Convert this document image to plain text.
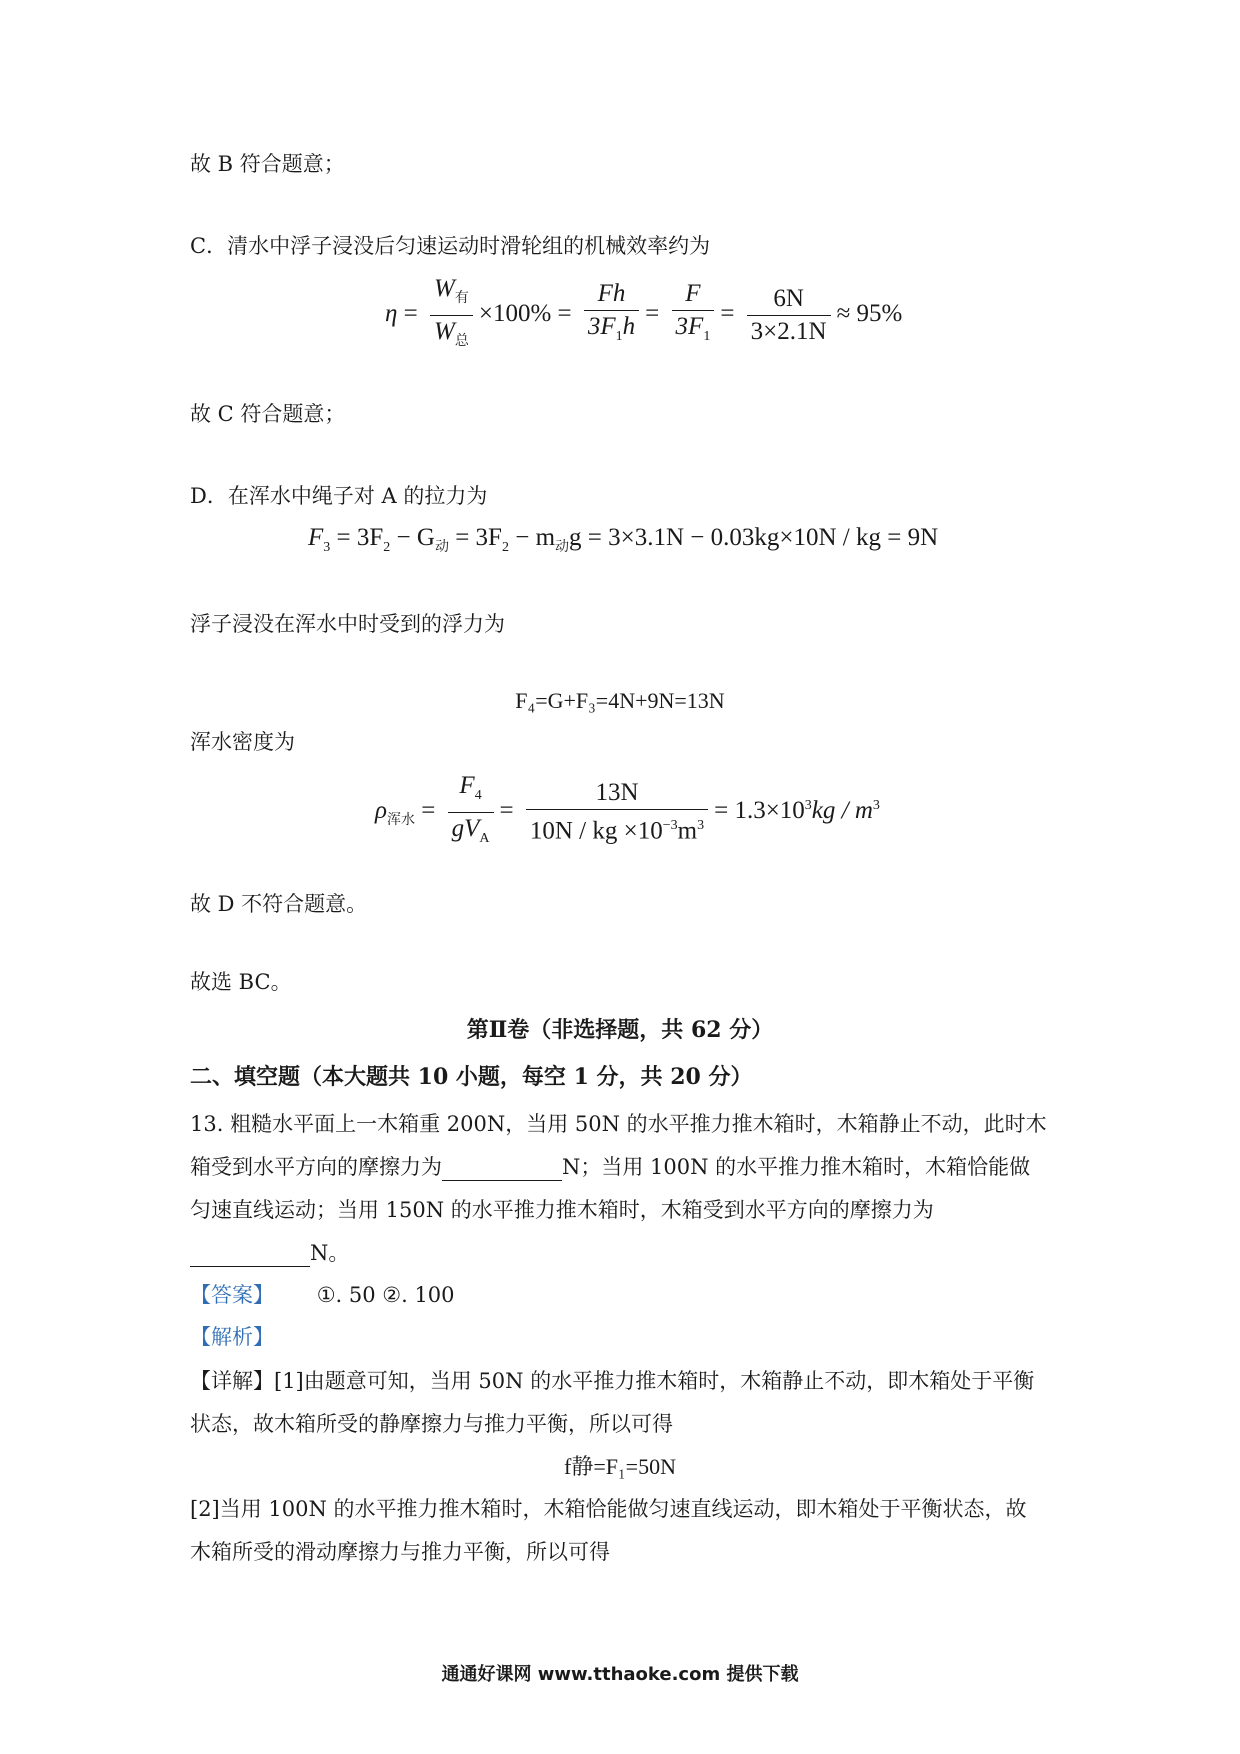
故 B 符合题意；
C．清水中浮子浸没后匀速运动时滑轮组的机械效率约为
$\eta = \frac{W_有}{W_总} \times 100\% = \frac{Fh}{3F_1h} = \frac{F}{3F_1} = \frac{6N}{3\times 2.1N} \approx 95\%$
故 C 符合题意；
D．在浑水中绳子对 A 的拉力为
$F_3 = 3F_2 - G_动 = 3F_2 - m_动g = 3\times 3.1N - 0.03kg\times 10N$ / kg = 9N
浮子浸没在浑水中时受到的浮力为
F₄=G+F₃=4N+9N=13N
浑水密度为
$\rho_{浑水} = \frac{F_4}{gV_A} = \frac{13N}{10N / kg \times 10^{-3}m^3} = 1.3\times 10^3kg / m^3$
故 D 不符合题意。
故选 BC。
第Ⅱ卷（非选择题，共 62 分）
二、填空题（本大题共 10 小题，每空 1 分，共 20 分）
13. 粗糙水平面上一木箱重 200N，当用 50N 的水平推力推木箱时，木箱静止不动，此时木
箱受到水平方向的摩擦力为	N；当用 100N 的水平推力推木箱时，木箱恰能做
匀速直线运动；当用 150N 的水平推力推木箱时，木箱受到水平方向的摩擦力为
N。
【答案】 ①. 50 ②. 100
【解析】
【详解】[1]由题意可知，当用 50N 的水平推力推木箱时，木箱静止不动，即木箱处于平衡
状态，故木箱所受的静摩擦力与推力平衡，所以可得
f静=F₁=50N
[2]当用 100N 的水平推力推木箱时，木箱恰能做匀速直线运动，即木箱处于平衡状态，故
木箱所受的滑动摩擦力与推力平衡，所以可得
通通好课网 www.tthaoke.com 提供下载
